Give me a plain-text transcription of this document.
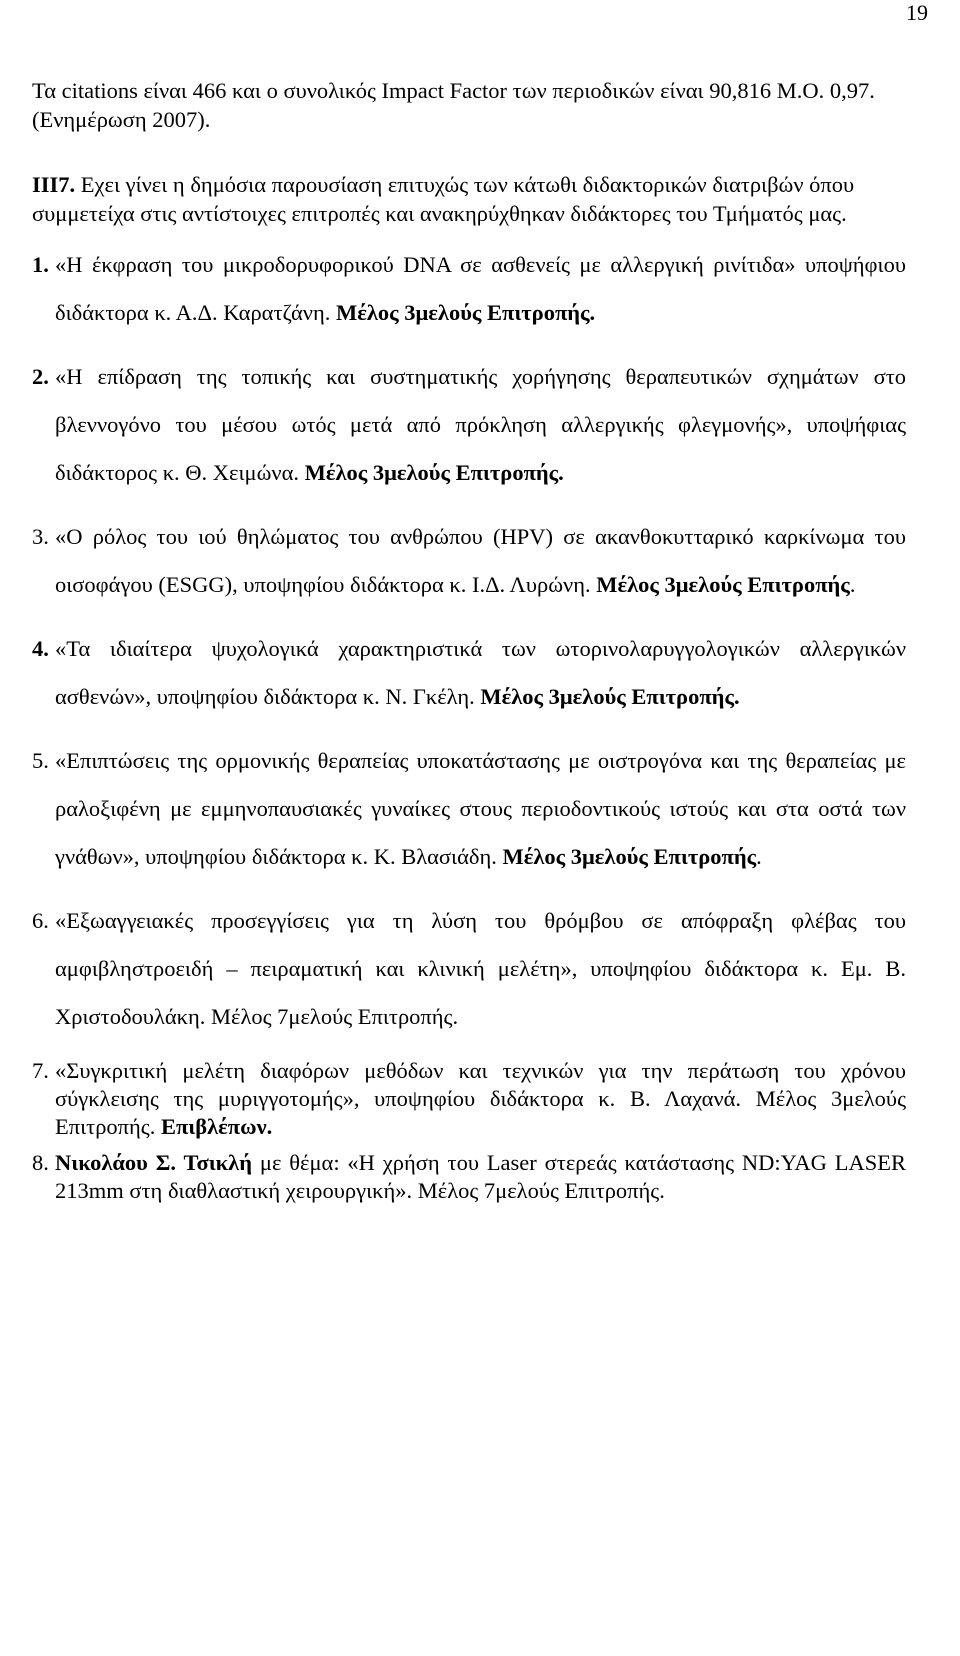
19

Τα citations είναι 466 και ο συνολικός Impact Factor των περιοδικών είναι 90,816 Μ.Ο. 0,97. (Ενημέρωση 2007).

ΙΙΙ7. Εχει γίνει η δημόσια παρουσίαση επιτυχώς των κάτωθι διδακτορικών διατριβών όπου συμμετείχα στις αντίστοιχες επιτροπές και ανακηρύχθηκαν διδάκτορες του Τμήματός μας.

1. «Η έκφραση του μικροδορυφορικού DNA σε ασθενείς με αλλεργική ρινίτιδα» υποψήφιου διδάκτορα κ. Α.Δ. Καρατζάνη. Μέλος 3μελούς Επιτροπής.
2. «Η επίδραση της τοπικής και συστηματικής χορήγησης θεραπευτικών σχημάτων στο βλεννογόνο του μέσου ωτός μετά από πρόκληση αλλεργικής φλεγμονής», υποψήφιας διδάκτορος κ. Θ. Χειμώνα. Μέλος 3μελούς Επιτροπής.
3. «Ο ρόλος του ιού θηλώματος του ανθρώπου (HPV) σε ακανθοκυτταρικό καρκίνωμα του οισοφάγου (ESGG), υποψηφίου διδάκτορα κ. Ι.Δ. Λυρώνη. Μέλος 3μελούς Επιτροπής.
4. «Τα ιδιαίτερα ψυχολογικά χαρακτηριστικά των ωτορινολαρυγγολογικών αλλεργικών ασθενών», υποψηφίου διδάκτορα κ. Ν. Γκέλη. Μέλος 3μελούς Επιτροπής.
5. «Επιπτώσεις της ορμονικής θεραπείας υποκατάστασης με οιστρογόνα και της θεραπείας με ραλοξιφένη με εμμηνοπαυσιακές γυναίκες στους περιοδοντικούς ιστούς και στα οστά των γνάθων», υποψηφίου διδάκτορα κ. Κ. Βλασιάδη. Μέλος 3μελούς Επιτροπής.
6. «Εξωαγγειακές προσεγγίσεις για τη λύση του θρόμβου σε απόφραξη φλέβας του αμφιβληστροειδή – πειραματική και κλινική μελέτη», υποψηφίου διδάκτορα κ. Εμ. Β. Χριστοδουλάκη. Μέλος 7μελούς Επιτροπής.
7. «Συγκριτική μελέτη διαφόρων μεθόδων και τεχνικών για την περάτωση του χρόνου σύγκλεισης της μυριγγοτομής», υποψηφίου διδάκτορα κ. Β. Λαχανά. Μέλος 3μελούς Επιτροπής. Επιβλέπων.
8. Νικολάου Σ. Τσικλή με θέμα: «Η χρήση του Laser στερεάς κατάστασης ND:YAG LASER 213mm στη διαθλαστική χειρουργική». Μέλος 7μελούς Επιτροπής.
